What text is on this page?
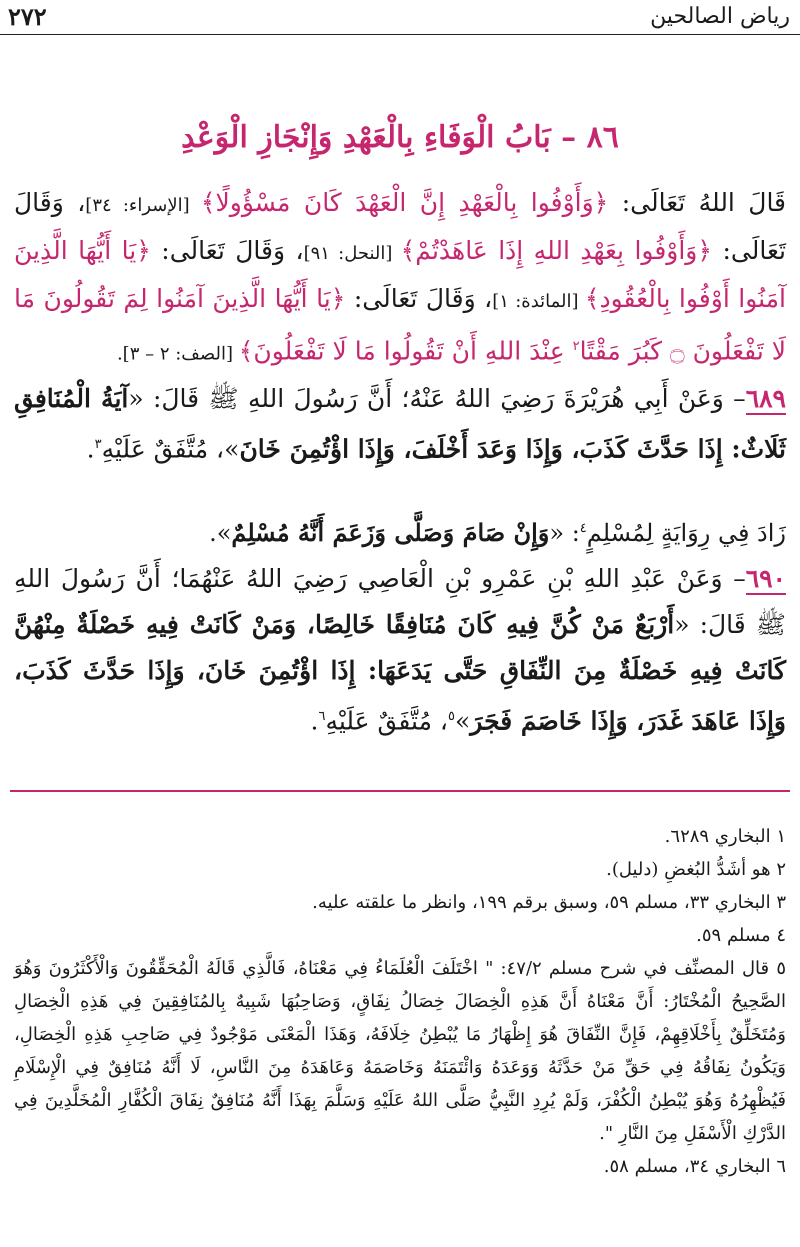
رياض الصالحين
٢٧٢
٨٦ – بَابُ الْوَفَاءِ بِالْعَهْدِ وَإِنْجَازِ الْوَعْدِ
قَالَ اللهُ تَعَالَى: ﴿وَأَوْفُوا بِالْعَهْدِ إِنَّ الْعَهْدَ كَانَ مَسْؤُولًا﴾ [الإسراء: ٣٤]، وَقَالَ تَعَالَى: ﴿وَأَوْفُوا بِعَهْدِ اللهِ إِذَا عَاهَدْتُمْ﴾ [النحل: ٩١]، وَقَالَ تَعَالَى: ﴿يَا أَيُّهَا الَّذِينَ آمَنُوا أَوْفُوا بِالْعُقُودِ﴾ [المائدة: ١]، وَقَالَ تَعَالَى: ﴿يَا أَيُّهَا الَّذِينَ آمَنُوا لِمَ تَقُولُونَ مَا لَا تَفْعَلُونَ ۝ كَبُرَ مَقْتًا$^٢$ عِنْدَ اللهِ أَنْ تَقُولُوا مَا لَا تَفْعَلُونَ﴾ [الصف: ٢ – ٣].
٦٨٩– وَعَنْ أَبِي هُرَيْرَةَ رَضِيَ اللهُ عَنْهُ؛ أَنَّ رَسُولَ اللهِ ﷺ قَالَ: «آيَةُ الْمُنَافِقِ ثَلَاثٌ: إِذَا حَدَّثَ كَذَبَ، وَإِذَا وَعَدَ أَخْلَفَ، وَإِذَا اؤْتُمِنَ خَانَ»، مُتَّفَقٌ عَلَيْهِ$^٣$.
زَادَ فِي رِوَايَةٍ لِمُسْلِمٍ$^٤$: «وَإِنْ صَامَ وَصَلَّى وَزَعَمَ أَنَّهُ مُسْلِمٌ».
٦٩٠– وَعَنْ عَبْدِ اللهِ بْنِ عَمْرِو بْنِ الْعَاصِي رَضِيَ اللهُ عَنْهُمَا؛ أَنَّ رَسُولَ اللهِ ﷺ قَالَ: «أَرْبَعٌ مَنْ كُنَّ فِيهِ كَانَ مُنَافِقًا خَالِصًا، وَمَنْ كَانَتْ فِيهِ خَصْلَةٌ مِنْهُنَّ كَانَتْ فِيهِ خَصْلَةٌ مِنَ النِّفَاقِ حَتَّى يَدَعَهَا: إِذَا اؤْتُمِنَ خَانَ، وَإِذَا حَدَّثَ كَذَبَ، وَإِذَا عَاهَدَ غَدَرَ، وَإِذَا خَاصَمَ فَجَرَ»$^٥$، مُتَّفَقٌ عَلَيْهِ$^٦$.

١ البخاري ٦٢٨٩.

٢ هو أشَدُّ البُغضِ (دليل).

٣ البخاري ٣٣، مسلم ٥٩، وسبق برقم ١٩٩، وانظر ما علقته عليه.

٤ مسلم ٥٩.

٥ قال المصنِّف في شرح مسلم ٤٧/٢: " اخْتَلَفَ الْعُلَمَاءُ فِي مَعْنَاهُ، فَالَّذِي قَالَهُ الْمُحَقِّقُونَ وَالْأَكْثَرُونَ وَهُوَ الصَّحِيحُ الْمُخْتَارُ: أَنَّ مَعْنَاهُ أَنَّ هَذِهِ الْخِصَالَ خِصَالُ نِفَاقٍ، وَصَاحِبُهَا شَبِيهٌ بِالمُنَافِقِينَ فِي هَذِهِ الْخِصَالِ وَمُتَخَلِّقٌ بِأَخْلَاقِهِمْ، فَإِنَّ النِّفَاقَ هُوَ إِظْهَارُ مَا يُبْطِنُ خِلَافَهُ، وَهَذَا الْمَعْنَى مَوْجُودٌ فِي صَاحِبِ هَذِهِ الْخِصَالِ، وَيَكُونُ نِفَاقُهُ فِي حَقِّ مَنْ حَدَّثَهُ وَوَعَدَهُ وَائْتَمَنَهُ وَخَاصَمَهُ وَعَاهَدَهُ مِنَ النَّاسِ، لَا أَنَّهُ مُنَافِقٌ فِي الْإِسْلَامِ فَيُظْهِرُهُ وَهُوَ يُبْطِنُ الْكُفْرَ، وَلَمْ يُرِدِ النَّبِيُّ صَلَّى اللهُ عَلَيْهِ وَسَلَّمَ بِهَذَا أَنَّهُ مُنَافِقٌ نِفَاقَ الْكُفَّارِ الْمُخَلَّدِينَ فِي الدَّرْكِ الْأَسْفَلِ مِنَ النَّارِ ".

٦ البخاري ٣٤، مسلم ٥٨.
